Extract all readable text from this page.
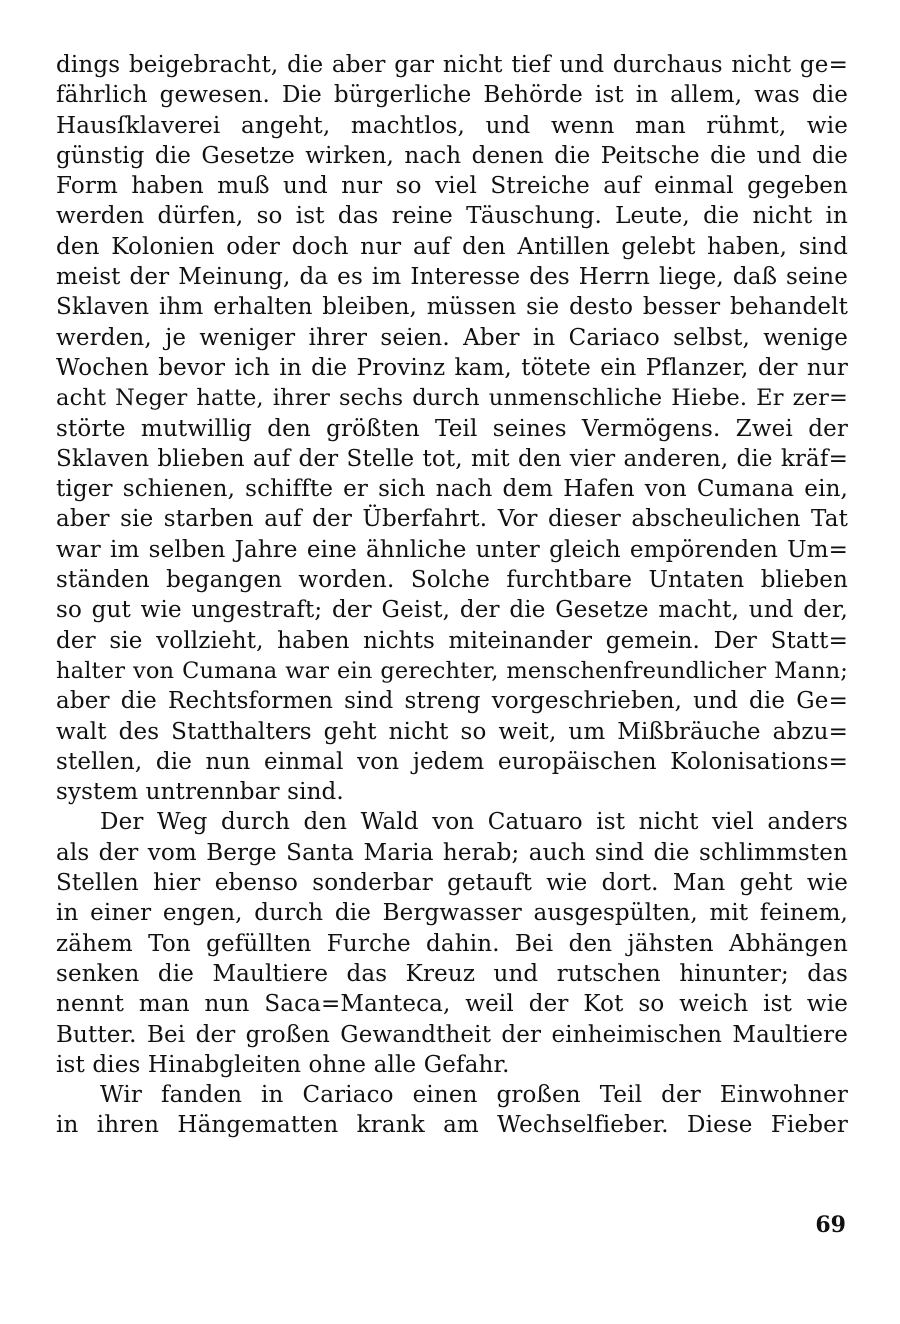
dings beigebracht, die aber gar nicht tief und durchaus nicht ge=
fährlich gewesen. Die bürgerliche Behörde ist in allem, was die
Hausſklaverei angeht, machtlos, und wenn man rühmt, wie
günstig die Gesetze wirken, nach denen die Peitsche die und die
Form haben muß und nur so viel Streiche auf einmal gegeben
werden dürfen, so ist das reine Täuschung. Leute, die nicht in
den Kolonien oder doch nur auf den Antillen gelebt haben, sind
meist der Meinung, da es im Interesse des Herrn liege, daß seine
Sklaven ihm erhalten bleiben, müssen sie desto besser behandelt
werden, je weniger ihrer seien. Aber in Cariaco selbst, wenige
Wochen bevor ich in die Provinz kam, tötete ein Pflanzer, der nur
acht Neger hatte, ihrer sechs durch unmenschliche Hiebe. Er zer=
störte mutwillig den größten Teil seines Vermögens. Zwei der
Sklaven blieben auf der Stelle tot, mit den vier anderen, die kräf=
tiger schienen, schiffte er sich nach dem Hafen von Cumana ein,
aber sie starben auf der Überfahrt. Vor dieser abscheulichen Tat
war im selben Jahre eine ähnliche unter gleich empörenden Um=
ständen begangen worden. Solche furchtbare Untaten blieben
so gut wie ungestraft; der Geist, der die Gesetze macht, und der,
der sie vollzieht, haben nichts miteinander gemein. Der Statt=
halter von Cumana war ein gerechter, menschenfreundlicher Mann;
aber die Rechtsformen sind streng vorgeschrieben, und die Ge=
walt des Statthalters geht nicht so weit, um Mißbräuche abzu=
stellen, die nun einmal von jedem europäischen Kolonisations=
system untrennbar sind.
Der Weg durch den Wald von Catuaro ist nicht viel anders
als der vom Berge Santa Maria herab; auch sind die schlimmsten
Stellen hier ebenso sonderbar getauft wie dort. Man geht wie
in einer engen, durch die Bergwasser ausgespülten, mit feinem,
zähem Ton gefüllten Furche dahin. Bei den jähsten Abhängen
senken die Maultiere das Kreuz und rutschen hinunter; das
nennt man nun Saca=Manteca, weil der Kot so weich ist wie
Butter. Bei der großen Gewandtheit der einheimischen Maultiere
ist dies Hinabgleiten ohne alle Gefahr.
Wir fanden in Cariaco einen großen Teil der Einwohner
in ihren Hängematten krank am Wechselfieber. Diese Fieber
69
